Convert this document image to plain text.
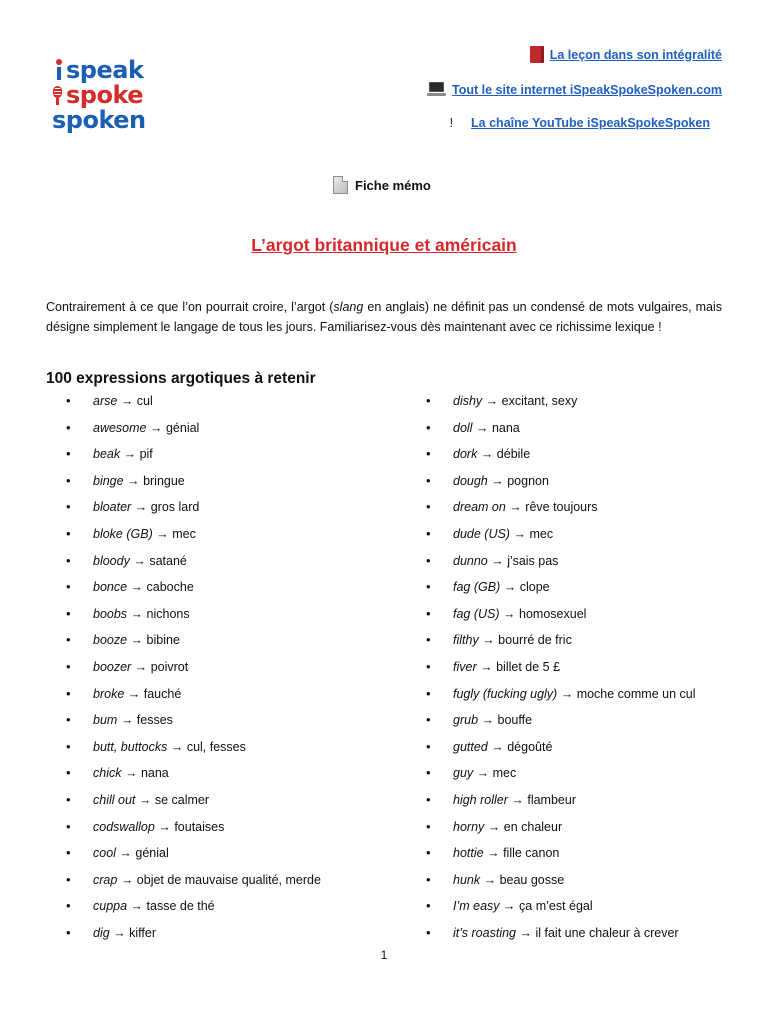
speak
spoke
spoken
La leçon dans son intégralité
Tout le site internet iSpeakSpokeSpoken.com
! La chaîne YouTube iSpeakSpokeSpoken
Fiche mémo
L’argot britannique et américain

Contrairement à ce que l’on pourrait croire, l’argot (slang en anglais) ne définit pas un condensé de mots vulgaires, mais désigne simplement le langage de tous les jours. Familiarisez-vous dès maintenant avec ce richissime lexique !

100 expressions argotiques à retenir
• arse → cul
• awesome → génial
• beak → pif
• binge → bringue
• bloater → gros lard
• bloke (GB) → mec
• bloody → satané
• bonce → caboche
• boobs → nichons
• booze → bibine
• boozer → poivrot
• broke → fauché
• bum → fesses
• butt, buttocks → cul, fesses
• chick → nana
• chill out → se calmer
• codswallop → foutaises
• cool → génial
• crap → objet de mauvaise qualité, merde
• cuppa → tasse de thé
• dig → kiffer
• dishy → excitant, sexy
• doll → nana
• dork → débile
• dough → pognon
• dream on → rêve toujours
• dude (US) → mec
• dunno → j’sais pas
• fag (GB) → clope
• fag (US) → homosexuel
• filthy → bourré de fric
• fiver → billet de 5 £
• fugly (fucking ugly) → moche comme un cul
• grub → bouffe
• gutted → dégoûté
• guy → mec
• high roller → flambeur
• horny → en chaleur
• hottie → fille canon
• hunk → beau gosse
• I’m easy → ça m’est égal
• it’s roasting → il fait une chaleur à crever
1
